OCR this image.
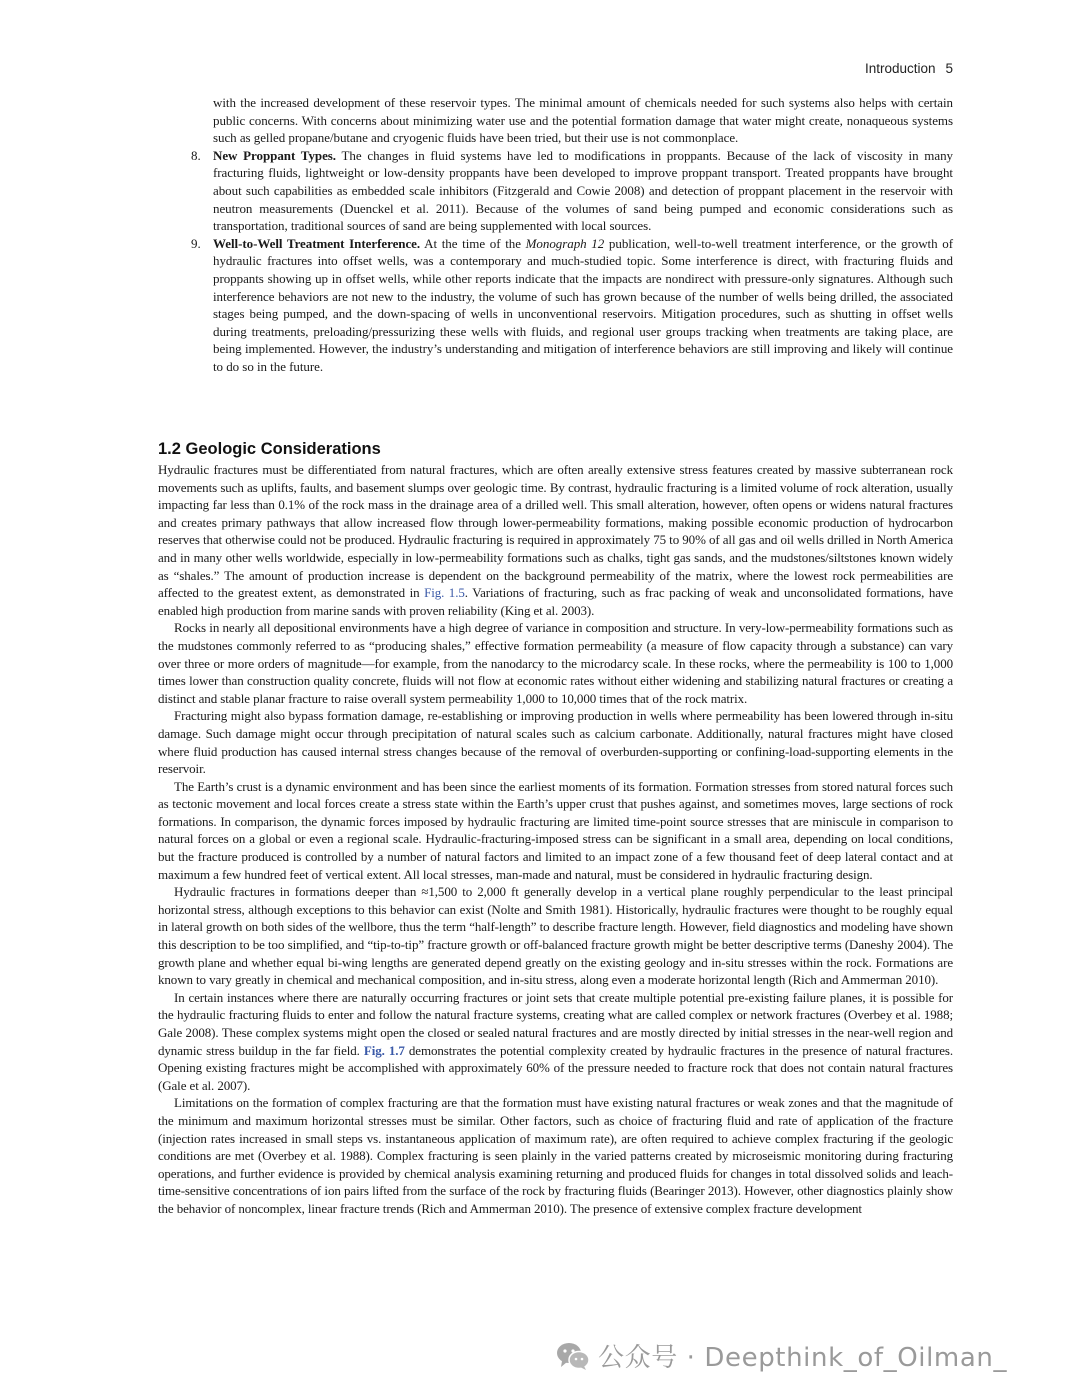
Introduction 5
with the increased development of these reservoir types. The minimal amount of chemicals needed for such systems also helps with certain public concerns. With concerns about minimizing water use and the potential formation damage that water might create, nonaqueous systems such as gelled propane/butane and cryogenic fluids have been tried, but their use is not commonplace.
8. New Proppant Types. The changes in fluid systems have led to modifications in proppants. Because of the lack of viscosity in many fracturing fluids, lightweight or low-density proppants have been developed to improve proppant transport. Treated proppants have brought about such capabilities as embedded scale inhibitors (Fitzgerald and Cowie 2008) and detection of proppant placement in the reservoir with neutron measurements (Duenckel et al. 2011). Because of the volumes of sand being pumped and economic considerations such as transportation, traditional sources of sand are being supplemented with local sources.
9. Well-to-Well Treatment Interference. At the time of the Monograph 12 publication, well-to-well treatment interference, or the growth of hydraulic fractures into offset wells, was a contemporary and much-studied topic. Some interference is direct, with fracturing fluids and proppants showing up in offset wells, while other reports indicate that the impacts are nondirect with pressure-only signatures. Although such interference behaviors are not new to the industry, the volume of such has grown because of the number of wells being drilled, the associated stages being pumped, and the down-spacing of wells in unconventional reservoirs. Mitigation procedures, such as shutting in offset wells during treatments, preloading/pressurizing these wells with fluids, and regional user groups tracking when treatments are taking place, are being implemented. However, the industry’s understanding and mitigation of interference behaviors are still improving and likely will continue to do so in the future.
1.2 Geologic Considerations

Hydraulic fractures must be differentiated from natural fractures, which are often areally extensive stress features created by massive subterranean rock movements such as uplifts, faults, and basement slumps over geologic time. By contrast, hydraulic fracturing is a limited volume of rock alteration, usually impacting far less than 0.1% of the rock mass in the drainage area of a drilled well. This small alteration, however, often opens or widens natural fractures and creates primary pathways that allow increased flow through lower-permeability formations, making possible economic production of hydrocarbon reserves that otherwise could not be produced. Hydraulic fracturing is required in approximately 75 to 90% of all gas and oil wells drilled in North America and in many other wells worldwide, especially in low-permeability formations such as chalks, tight gas sands, and the mudstones/siltstones known widely as “shales.” The amount of production increase is dependent on the background permeability of the matrix, where the lowest rock permeabilities are affected to the greatest extent, as demonstrated in Fig. 1.5. Variations of fracturing, such as frac packing of weak and unconsolidated formations, have enabled high production from marine sands with proven reliability (King et al. 2003).

Rocks in nearly all depositional environments have a high degree of variance in composition and structure. In very-low-permeability formations such as the mudstones commonly referred to as “producing shales,” effective formation permeability (a measure of flow capacity through a substance) can vary over three or more orders of magnitude—for example, from the nanodarcy to the microdarcy scale. In these rocks, where the permeability is 100 to 1,000 times lower than construction quality concrete, fluids will not flow at economic rates without either widening and stabilizing natural fractures or creating a distinct and stable planar fracture to raise overall system permeability 1,000 to 10,000 times that of the rock matrix.

Fracturing might also bypass formation damage, re-establishing or improving production in wells where permeability has been lowered through in-situ damage. Such damage might occur through precipitation of natural scales such as calcium carbonate. Additionally, natural fractures might have closed where fluid production has caused internal stress changes because of the removal of overburden-supporting or confining-load-supporting elements in the reservoir.

The Earth’s crust is a dynamic environment and has been since the earliest moments of its formation. Formation stresses from stored natural forces such as tectonic movement and local forces create a stress state within the Earth’s upper crust that pushes against, and sometimes moves, large sections of rock formations. In comparison, the dynamic forces imposed by hydraulic fracturing are limited time-point source stresses that are miniscule in comparison to natural forces on a global or even a regional scale. Hydraulic-fracturing-imposed stress can be significant in a small area, depending on local conditions, but the fracture produced is controlled by a number of natural factors and limited to an impact zone of a few thousand feet of deep lateral contact and at maximum a few hundred feet of vertical extent. All local stresses, man-made and natural, must be considered in hydraulic fracturing design.

Hydraulic fractures in formations deeper than ≈1,500 to 2,000 ft generally develop in a vertical plane roughly perpendicular to the least principal horizontal stress, although exceptions to this behavior can exist (Nolte and Smith 1981). Historically, hydraulic fractures were thought to be roughly equal in lateral growth on both sides of the wellbore, thus the term “half-length” to describe fracture length. However, field diagnostics and modeling have shown this description to be too simplified, and “tip-to-tip” fracture growth or off-balanced fracture growth might be better descriptive terms (Daneshy 2004). The growth plane and whether equal bi-wing lengths are generated depend greatly on the existing geology and in-situ stresses within the rock. Formations are known to vary greatly in chemical and mechanical composition, and in-situ stress, along even a moderate horizontal length (Rich and Ammerman 2010).

In certain instances where there are naturally occurring fractures or joint sets that create multiple potential pre-existing failure planes, it is possible for the hydraulic fracturing fluids to enter and follow the natural fracture systems, creating what are called complex or network fractures (Overbey et al. 1988; Gale 2008). These complex systems might open the closed or sealed natural fractures and are mostly directed by initial stresses in the near-well region and dynamic stress buildup in the far field. Fig. 1.7 demonstrates the potential complexity created by hydraulic fractures in the presence of natural fractures. Opening existing fractures might be accomplished with approximately 60% of the pressure needed to fracture rock that does not contain natural fractures (Gale et al. 2007).

Limitations on the formation of complex fracturing are that the formation must have existing natural fractures or weak zones and that the magnitude of the minimum and maximum horizontal stresses must be similar. Other factors, such as choice of fracturing fluid and rate of application of the fracture (injection rates increased in small steps vs. instantaneous application of maximum rate), are often required to achieve complex fracturing if the geologic conditions are met (Overbey et al. 1988). Complex fracturing is seen plainly in the varied patterns created by microseismic monitoring during fracturing operations, and further evidence is provided by chemical analysis examining returning and produced fluids for changes in total dissolved solids and leach-time-sensitive concentrations of ion pairs lifted from the surface of the rock by fracturing fluids (Bearinger 2013). However, other diagnostics plainly show the behavior of noncomplex, linear fracture trends (Rich and Ammerman 2010). The presence of extensive complex fracture development

公众号 · Deepthink_of_Oilman_
